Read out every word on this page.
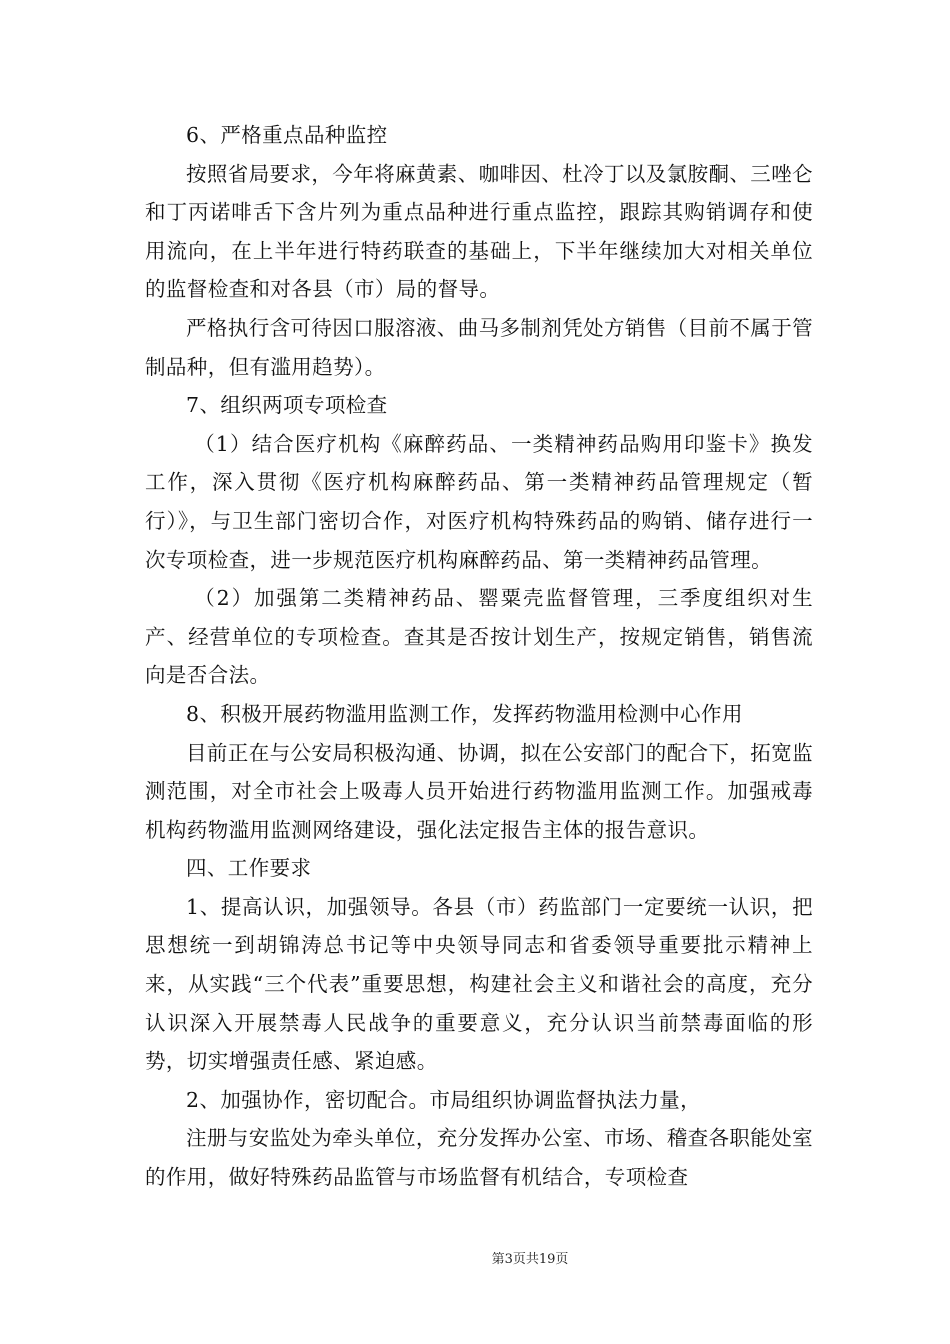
6、严格重点品种监控

按照省局要求，今年将麻黄素、咖啡因、杜冷丁以及氯胺酮、三唑仑和丁丙诺啡舌下含片列为重点品种进行重点监控，跟踪其购销调存和使用流向，在上半年进行特药联查的基础上，下半年继续加大对相关单位的监督检查和对各县（市）局的督导。

严格执行含可待因口服溶液、曲马多制剂凭处方销售（目前不属于管制品种，但有滥用趋势）。

7、组织两项专项检查

（1）结合医疗机构《麻醉药品、一类精神药品购用印鉴卡》换发工作，深入贯彻《医疗机构麻醉药品、第一类精神药品管理规定（暂行）》，与卫生部门密切合作，对医疗机构特殊药品的购销、储存进行一次专项检查，进一步规范医疗机构麻醉药品、第一类精神药品管理。

（2）加强第二类精神药品、罂粟壳监督管理，三季度组织对生产、经营单位的专项检查。查其是否按计划生产，按规定销售，销售流向是否合法。

8、积极开展药物滥用监测工作，发挥药物滥用检测中心作用

目前正在与公安局积极沟通、协调，拟在公安部门的配合下，拓宽监测范围，对全市社会上吸毒人员开始进行药物滥用监测工作。加强戒毒机构药物滥用监测网络建设，强化法定报告主体的报告意识。

四、工作要求

1、提高认识，加强领导。各县（市）药监部门一定要统一认识，把思想统一到胡锦涛总书记等中央领导同志和省委领导重要批示精神上来，从实践“三个代表”重要思想，构建社会主义和谐社会的高度，充分认识深入开展禁毒人民战争的重要意义，充分认识当前禁毒面临的形势，切实增强责任感、紧迫感。

2、加强协作，密切配合。市局组织协调监督执法力量，

注册与安监处为牵头单位，充分发挥办公室、市场、稽查各职能处室的作用，做好特殊药品监管与市场监督有机结合，专项检查

第3页共19页
